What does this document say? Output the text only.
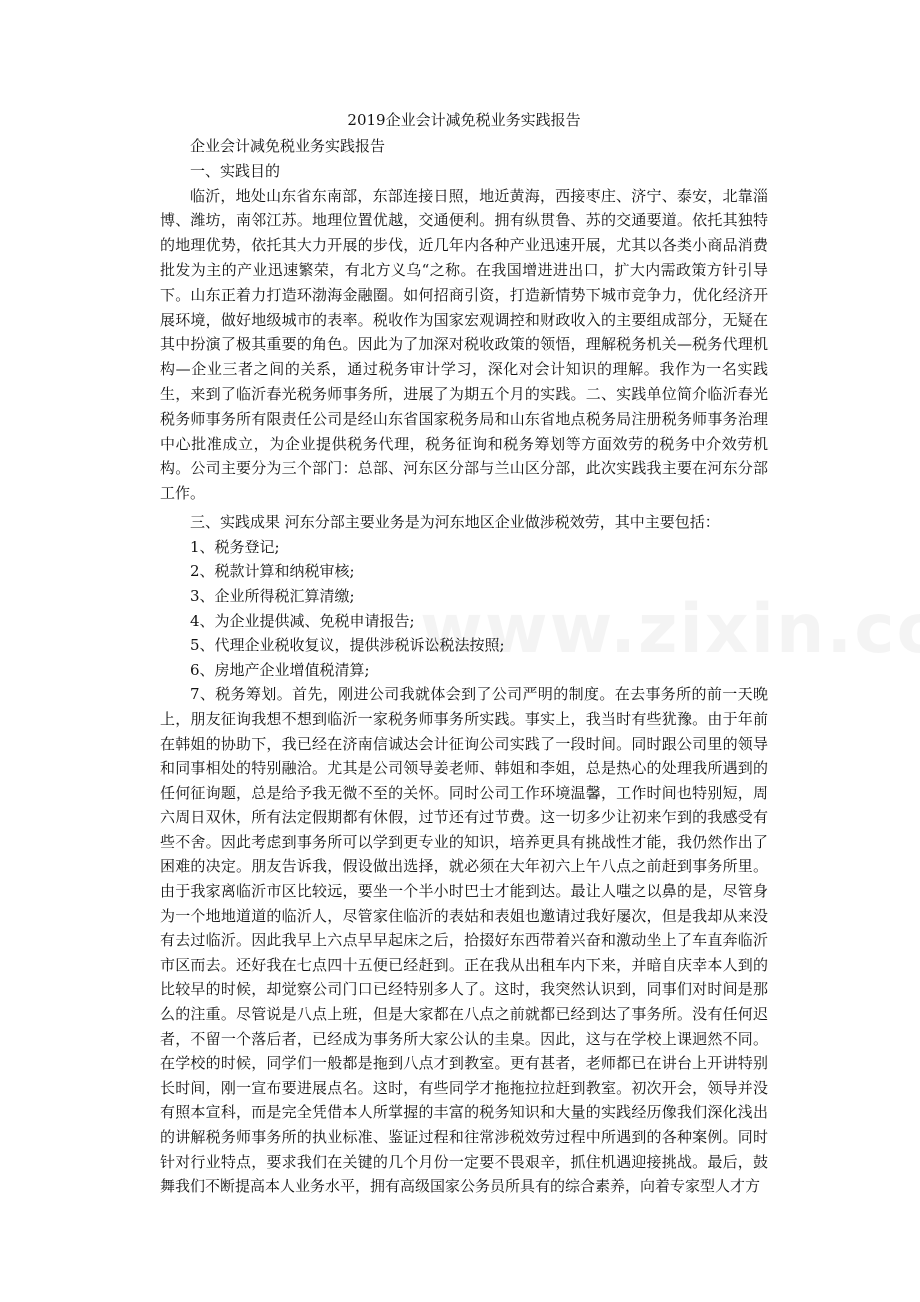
2019企业会计减免税业务实践报告

企业会计减免税业务实践报告

一、实践目的

临沂，地处山东省东南部，东部连接日照，地近黄海，西接枣庄、济宁、泰安，北靠淄博、潍坊，南邻江苏。地理位置优越，交通便利。拥有纵贯鲁、苏的交通要道。依托其独特的地理优势，依托其大力开展的步伐，近几年内各种产业迅速开展，尤其以各类小商品消费批发为主的产业迅速繁荣，有北方义乌“之称。在我国增进进出口，扩大内需政策方针引导下。山东正着力打造环渤海金融圈。如何招商引资，打造新情势下城市竞争力，优化经济开展环境，做好地级城市的表率。税收作为国家宏观调控和财政收入的主要组成部分，无疑在其中扮演了极其重要的角色。因此为了加深对税收政策的领悟，理解税务机关—税务代理机构—企业三者之间的关系，通过税务审计学习，深化对会计知识的理解。我作为一名实践生，来到了临沂春光税务师事务所，进展了为期五个月的实践。二、实践单位简介临沂春光税务师事务所有限责任公司是经山东省国家税务局和山东省地点税务局注册税务师事务治理中心批准成立，为企业提供税务代理，税务征询和税务筹划等方面效劳的税务中介效劳机构。公司主要分为三个部门：总部、河东区分部与兰山区分部，此次实践我主要在河东分部工作。

三、实践成果 河东分部主要业务是为河东地区企业做涉税效劳，其中主要包括：

1、税务登记;

2、税款计算和纳税审核;

3、企业所得税汇算清缴;

4、为企业提供减、免税申请报告;

5、代理企业税收复议，提供涉税诉讼税法按照;

6、房地产企业增值税清算;

7、税务筹划。首先，刚进公司我就体会到了公司严明的制度。在去事务所的前一天晚上，朋友征询我想不想到临沂一家税务师事务所实践。事实上，我当时有些犹豫。由于年前在韩姐的协助下，我已经在济南信诚达会计征询公司实践了一段时间。同时跟公司里的领导和同事相处的特别融洽。尤其是公司领导姜老师、韩姐和李姐，总是热心的处理我所遇到的任何征询题，总是给予我无微不至的关怀。同时公司工作环境温馨，工作时间也特别短，周六周日双休，所有法定假期都有休假，过节还有过节费。这一切多少让初来乍到的我感受有些不舍。因此考虑到事务所可以学到更专业的知识，培养更具有挑战性才能，我仍然作出了困难的决定。朋友告诉我，假设做出选择，就必须在大年初六上午八点之前赶到事务所里。由于我家离临沂市区比较远，要坐一个半小时巴士才能到达。最让人嗤之以鼻的是，尽管身为一个地地道道的临沂人，尽管家住临沂的表姑和表姐也邀请过我好屡次，但是我却从来没有去过临沂。因此我早上六点早早起床之后，拾掇好东西带着兴奋和激动坐上了车直奔临沂市区而去。还好我在七点四十五便已经赶到。正在我从出租车内下来，并暗自庆幸本人到的比较早的时候，却觉察公司门口已经特别多人了。这时，我突然认识到，同事们对时间是那么的注重。尽管说是八点上班，但是大家都在八点之前就都已经到达了事务所。没有任何迟者，不留一个落后者，已经成为事务所大家公认的圭臬。因此，这与在学校上课迥然不同。在学校的时候，同学们一般都是拖到八点才到教室。更有甚者，老师都已在讲台上开讲特别长时间，刚一宣布要进展点名。这时，有些同学才拖拖拉拉赶到教室。初次开会，领导并没有照本宣科，而是完全凭借本人所掌握的丰富的税务知识和大量的实践经历像我们深化浅出的讲解税务师事务所的执业标准、鉴证过程和往常涉税效劳过程中所遇到的各种案例。同时针对行业特点，要求我们在关键的几个月份一定要不畏艰辛，抓住机遇迎接挑战。最后，鼓舞我们不断提高本人业务水平，拥有高级国家公务员所具有的综合素养，向着专家型人才方
